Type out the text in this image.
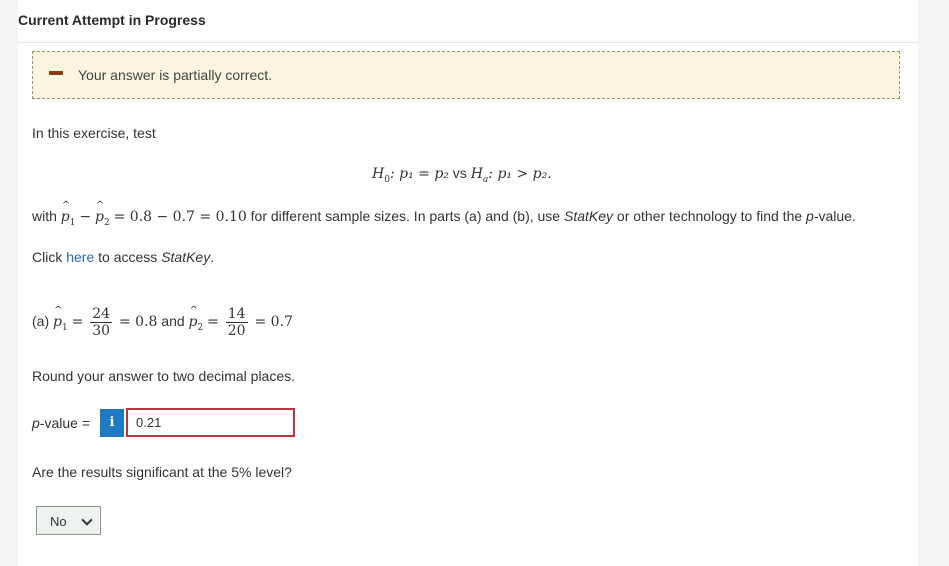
Current Attempt in Progress
Your answer is partially correct.
In this exercise, test
$H_0$: p₁ = p₂ vs $H_a$: p₁ > p₂.
with ^ $p_1$ − ^ $p_2 = 0.8 - 0.7 = 0.10$ for different sample sizes. In parts (a) and (b), use StatKey or other technology to find the p-value.
Click here to access StatKey.
(a) ^ $p_1 = \frac{24}{30} = 0.8$ and ^ $p_2 = \frac{14}{20} = 0.7$
Round your answer to two decimal places.
p-value =	i	0.21
Are the results significant at the 5% level?
No
